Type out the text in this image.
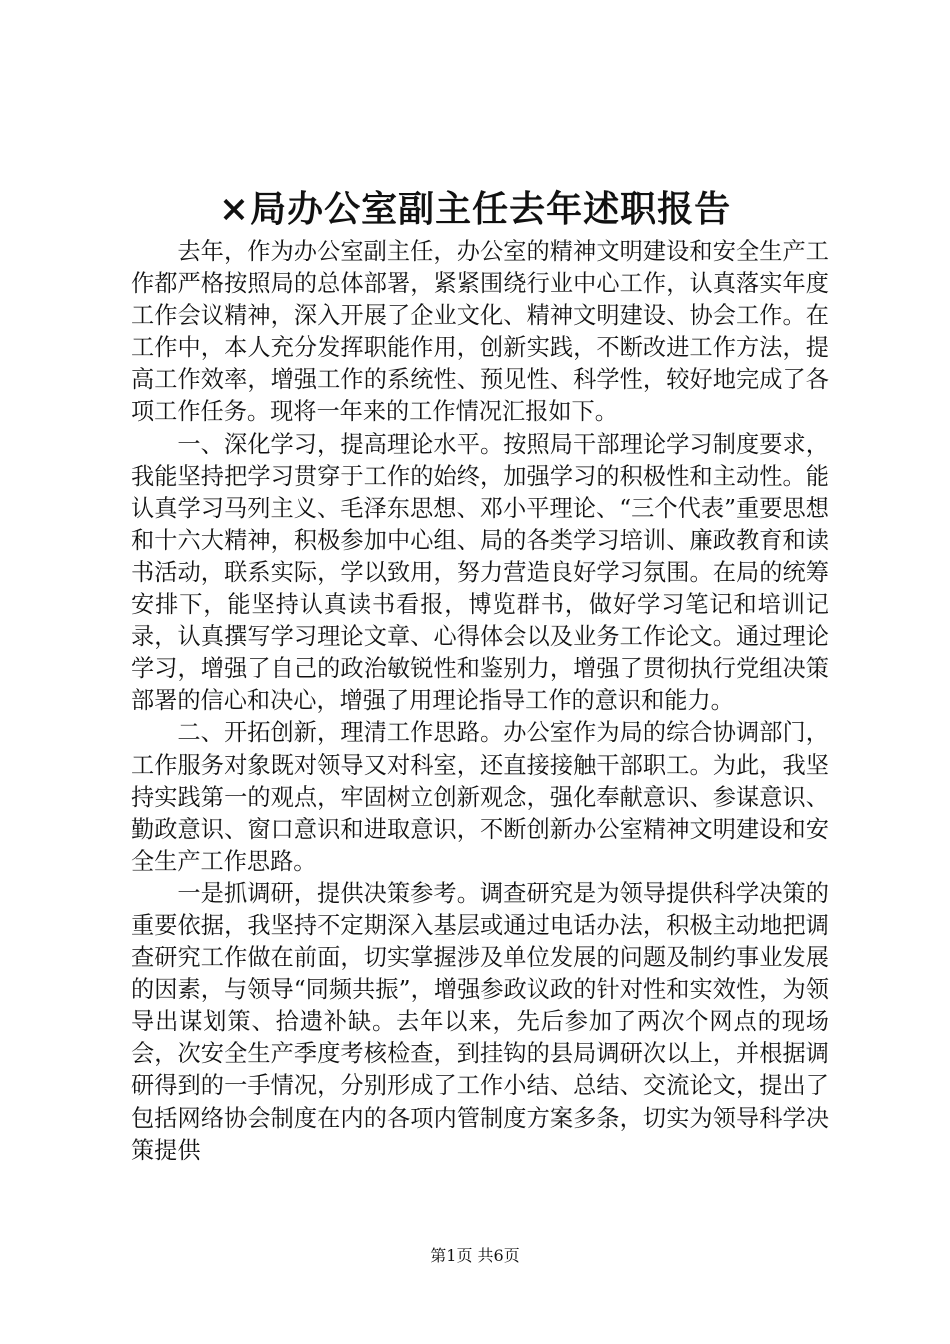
×局办公室副主任去年述职报告

去年，作为办公室副主任，办公室的精神文明建设和安全生产工作都严格按照局的总体部署，紧紧围绕行业中心工作，认真落实年度工作会议精神，深入开展了企业文化、精神文明建设、协会工作。在工作中，本人充分发挥职能作用，创新实践，不断改进工作方法，提高工作效率，增强工作的系统性、预见性、科学性，较好地完成了各项工作任务。现将一年来的工作情况汇报如下。

一、深化学习，提高理论水平。按照局干部理论学习制度要求，我能坚持把学习贯穿于工作的始终，加强学习的积极性和主动性。能认真学习马列主义、毛泽东思想、邓小平理论、“三个代表”重要思想和十六大精神，积极参加中心组、局的各类学习培训、廉政教育和读书活动，联系实际，学以致用，努力营造良好学习氛围。在局的统筹安排下，能坚持认真读书看报，博览群书，做好学习笔记和培训记录，认真撰写学习理论文章、心得体会以及业务工作论文。通过理论学习，增强了自己的政治敏锐性和鉴别力，增强了贯彻执行党组决策部署的信心和决心，增强了用理论指导工作的意识和能力。

二、开拓创新，理清工作思路。办公室作为局的综合协调部门，工作服务对象既对领导又对科室，还直接接触干部职工。为此，我坚持实践第一的观点，牢固树立创新观念，强化奉献意识、参谋意识、勤政意识、窗口意识和进取意识，不断创新办公室精神文明建设和安全生产工作思路。

一是抓调研，提供决策参考。调查研究是为领导提供科学决策的重要依据，我坚持不定期深入基层或通过电话办法，积极主动地把调查研究工作做在前面，切实掌握涉及单位发展的问题及制约事业发展的因素，与领导“同频共振”，增强参政议政的针对性和实效性，为领导出谋划策、拾遗补缺。去年以来，先后参加了两次个网点的现场会，次安全生产季度考核检查，到挂钩的县局调研次以上，并根据调研得到的一手情况，分别形成了工作小结、总结、交流论文，提出了包括网络协会制度在内的各项内管制度方案多条，切实为领导科学决策提供

第1页 共6页
